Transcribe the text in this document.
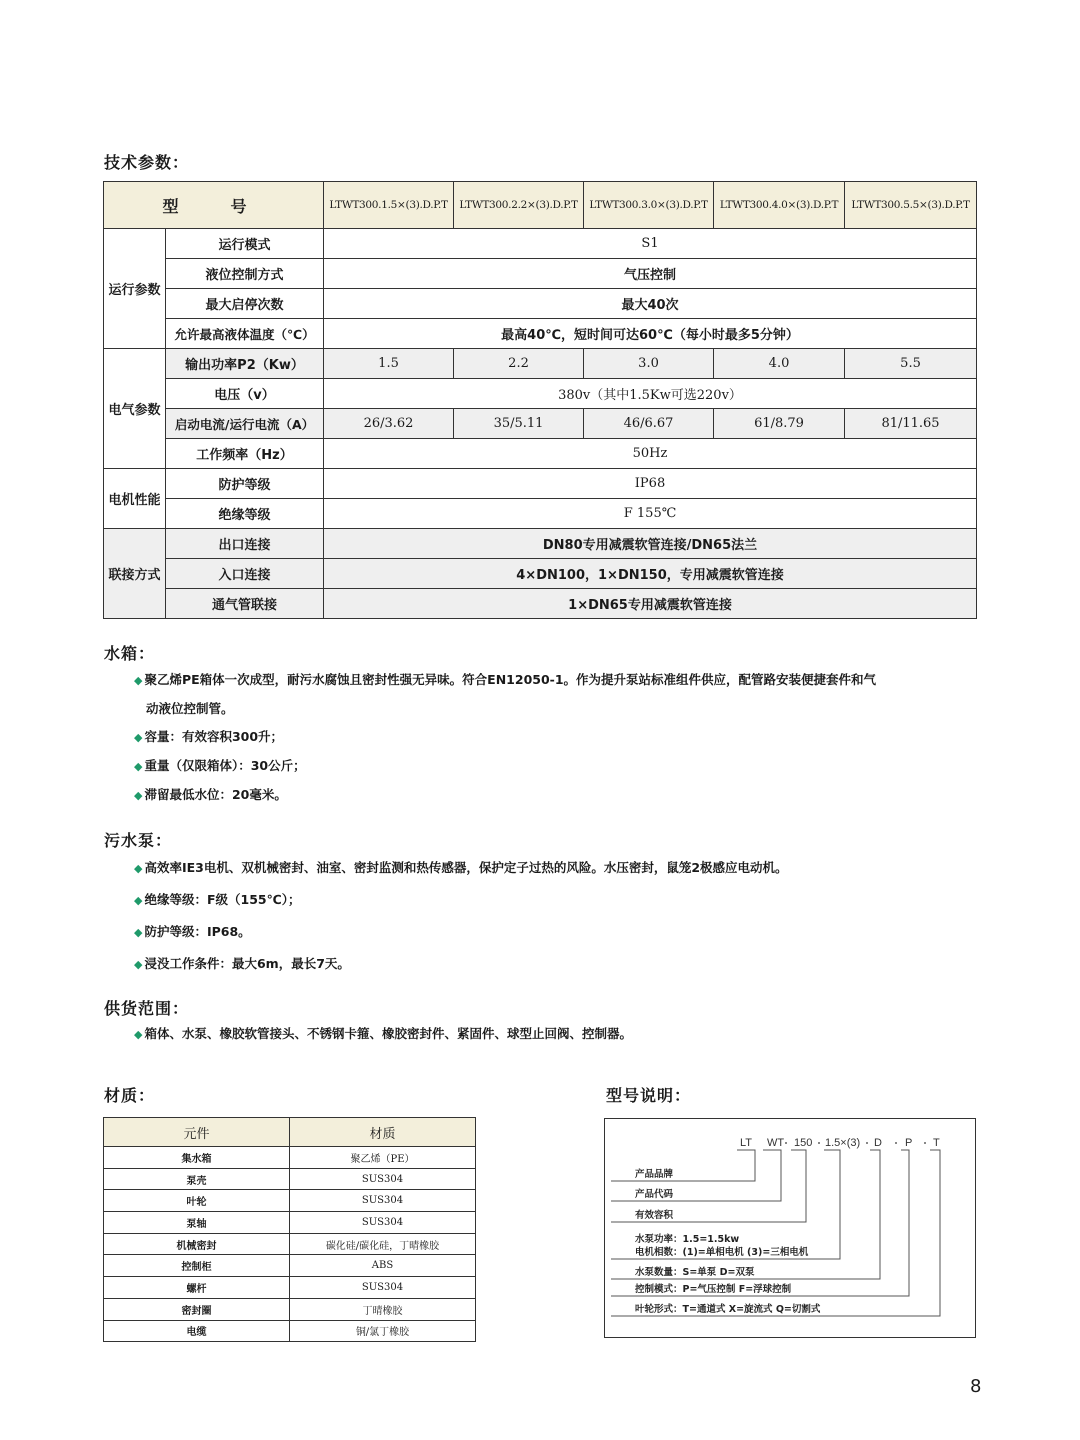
技术参数：
型　号		LTWT300.1.5×(3).D.P.T	LTWT300.2.2×(3).D.P.T	LTWT300.3.0×(3).D.P.T	LTWT300.4.0×(3).D.P.T	LTWT300.5.5×(3).D.P.T
运行参数	运行模式	S1				
	液位控制方式	气压控制				
	最大启停次数	最大40次				
	允许最高液体温度（℃）	最高40℃，短时间可达60℃（每小时最多5分钟）				
电气参数	输出功率P2（Kw）	1.5	2.2	3.0	4.0	5.5
	电压（v）	380v（其中1.5Kw可选220v）				
	启动电流/运行电流（A）	26/3.62	35/5.11	46/6.67	61/8.79	81/11.65
	工作频率（Hz）	50Hz				
电机性能	防护等级	IP68				
	绝缘等级	F 155℃				
联接方式	出口连接	DN80专用减震软管连接/DN65法兰				
	入口连接	4×DN100，1×DN150，专用减震软管连接				
	通气管联接	1×DN65专用减震软管连接				
水箱：
◆ 聚乙烯PE箱体一次成型，耐污水腐蚀且密封性强无异味。符合EN12050-1。作为提升泵站标准组件供应，配管路安装便捷套件和气
动液位控制管。
◆ 容量：有效容积300升；
◆ 重量（仅限箱体）：30公斤；
◆ 滞留最低水位：20毫米。
污水泵：
◆ 高效率IE3电机、双机械密封、油室、密封监测和热传感器，保护定子过热的风险。水压密封，鼠笼2极感应电动机。
◆ 绝缘等级：F级（155℃）；
◆ 防护等级：IP68。
◆ 浸没工作条件：最大6m，最长7天。
供货范围：
◆ 箱体、水泵、橡胶软管接头、不锈钢卡箍、橡胶密封件、紧固件、球型止回阀、控制器。
材质：
元件	材质
集水箱	聚乙烯（PE）
泵壳	SUS304
叶轮	SUS304
泵轴	SUS304
机械密封	碳化硅/碳化硅，丁晴橡胶
控制柜	ABS
螺杆	SUS304
密封圈	丁晴橡胶
电缆	铜/氯丁橡胶
型号说明：
LT WT 150 1.5×(3) D P T
产品品牌
产品代码
有效容积
水泵功率：1.5=1.5kw
电机相数：(1)=单相电机 (3)=三相电机
水泵数量：S=单泵 D=双泵
控制模式：P=气压控制 F=浮球控制
叶轮形式：T=通道式 X=旋流式 Q=切割式
8
